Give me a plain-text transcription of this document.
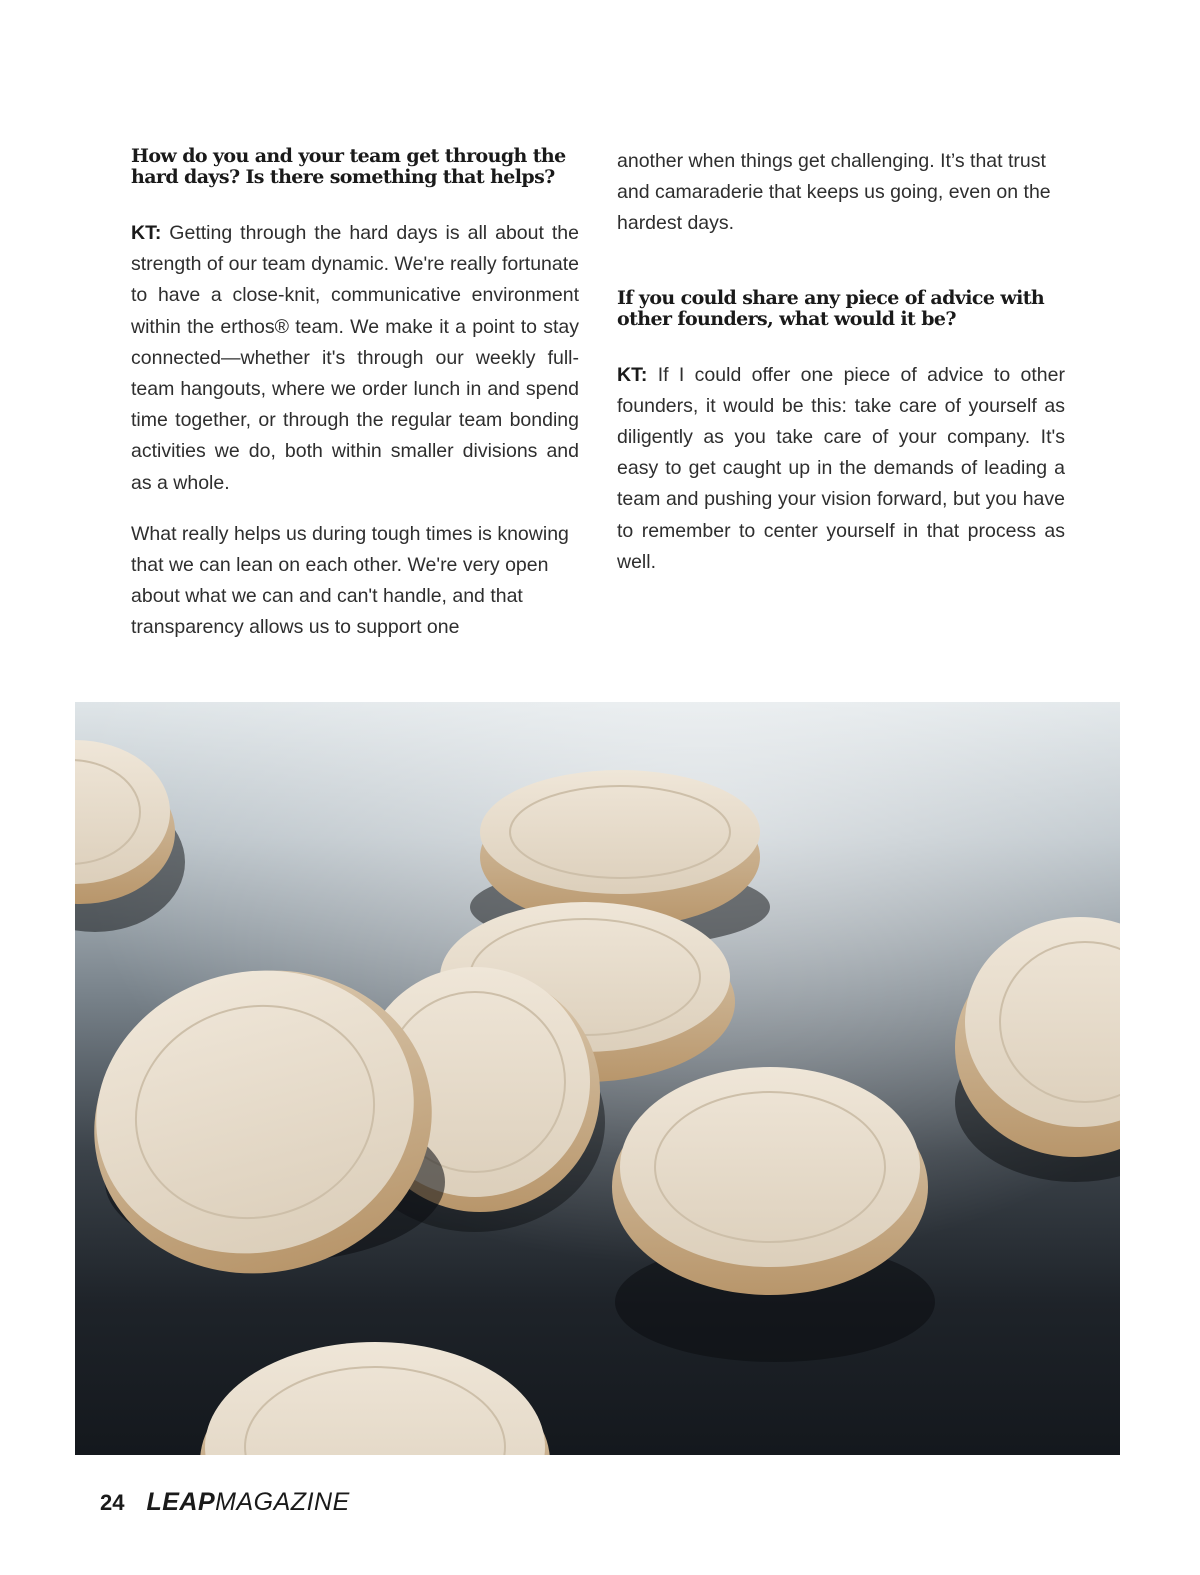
How do you and your team get through the hard days? Is there something that helps?

KT: Getting through the hard days is all about the strength of our team dynamic. We're really fortunate to have a close-knit, communicative environment within the erthos® team. We make it a point to stay connected—whether it's through our weekly full-team hangouts, where we order lunch in and spend time together, or through the regular team bonding activities we do, both within smaller divisions and as a whole.

What really helps us during tough times is knowing that we can lean on each other. We're very open about what we can and can't handle, and that transparency allows us to support one

another when things get challenging. It’s that trust and camaraderie that keeps us going, even on the hardest days.

If you could share any piece of advice with other founders, what would it be?

KT: If I could offer one piece of advice to other founders, it would be this: take care of yourself as diligently as you take care of your company. It's easy to get caught up in the demands of leading a team and pushing your vision forward, but you have to remember to center yourself in that process as well.

24 LEAP MAGAZINE
